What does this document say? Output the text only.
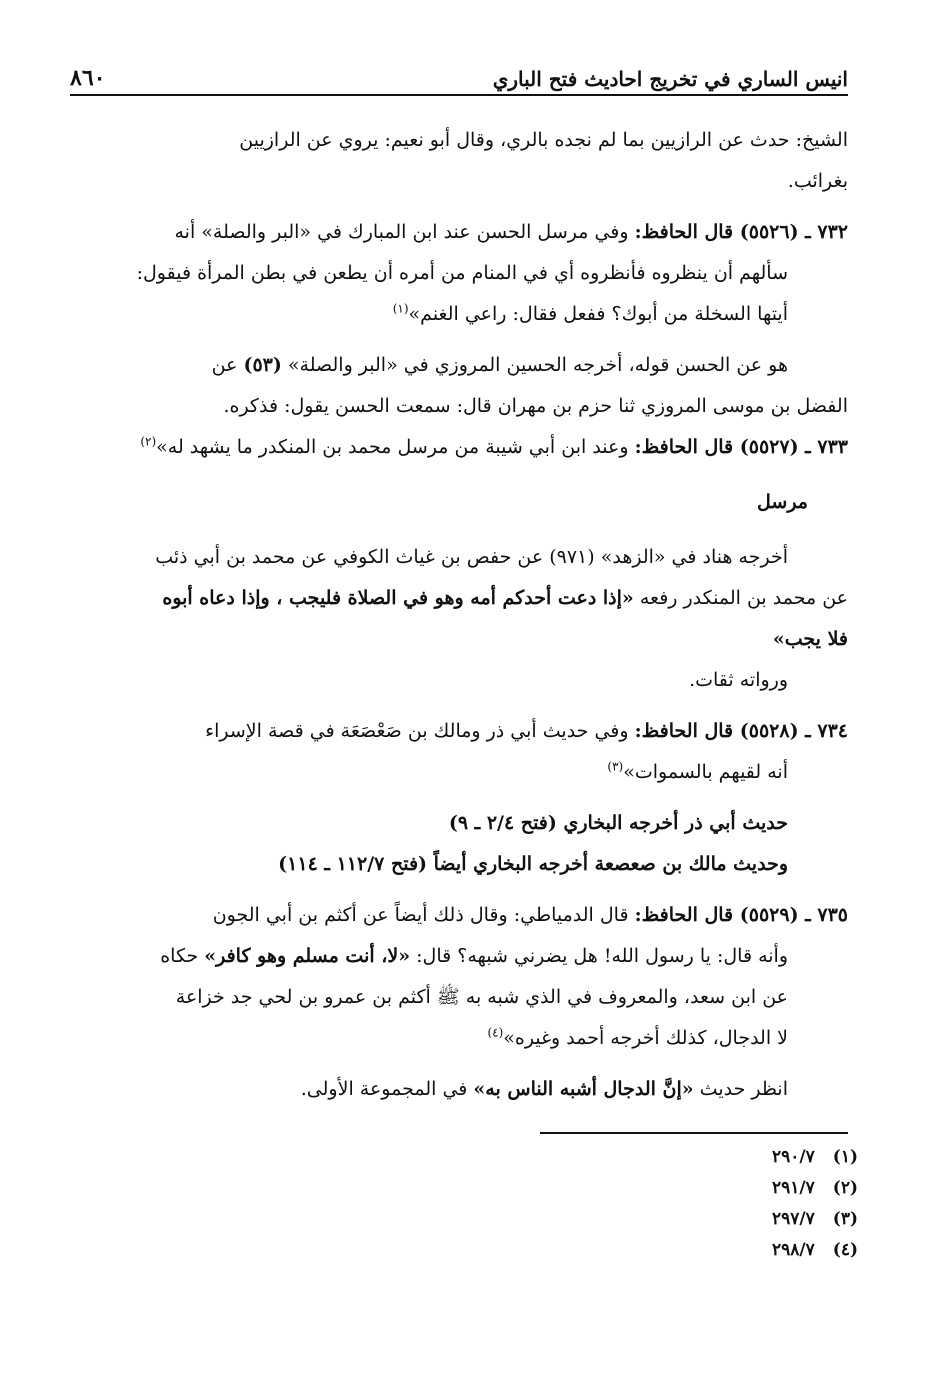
انيس الساري في تخريج احاديث فتح الباري
٨٦٠

الشيخ: حدث عن الرازيين بما لم نجده بالري، وقال أبو نعيم: يروي عن الرازيين

بغرائب.

٧٣٢ ـ (٥٥٢٦) قال الحافظ: وفي مرسل الحسن عند ابن المبارك في «البر والصلة» أنه

سألهم أن ينظروه فأنظروه أي في المنام من أمره أن يطعن في بطن المرأة فيقول:

أيتها السخلة من أبوك؟ ففعل فقال: راعي الغنم»$^{(١)}$

هو عن الحسن قوله، أخرجه الحسين المروزي في «البر والصلة» (٥٣) عن

الفضل بن موسى المروزي ثنا حزم بن مهران قال: سمعت الحسن يقول: فذكره.

٧٣٣ ـ (٥٥٢٧) قال الحافظ: وعند ابن أبي شيبة من مرسل محمد بن المنكدر ما يشهد له»$^{(٢)}$

مرسل

أخرجه هناد في «الزهد» (٩٧١) عن حفص بن غياث الكوفي عن محمد بن أبي ذئب

عن محمد بن المنكدر رفعه «إذا دعت أحدكم أمه وهو في الصلاة فليجب ، وإذا دعاه أبوه

فلا يجب»

ورواته ثقات.

٧٣٤ ـ (٥٥٢٨) قال الحافظ: وفي حديث أبي ذر ومالك بن صَعْصَعَة في قصة الإسراء

أنه لقيهم بالسموات»$^{(٣)}$

حديث أبي ذر أخرجه البخاري (فتح ٢/٤ ـ ٩)

وحديث مالك بن صعصعة أخرجه البخاري أيضاً (فتح ١١٢/٧ ـ ١١٤)

٧٣٥ ـ (٥٥٢٩) قال الحافظ: قال الدمياطي: وقال ذلك أيضاً عن أكثم بن أبي الجون

وأنه قال: يا رسول الله! هل يضرني شبهه؟ قال: «لا، أنت مسلم وهو كافر» حكاه

عن ابن سعد، والمعروف في الذي شبه به ﷺ أكثم بن عمرو بن لحي جد خزاعة

لا الدجال، كذلك أخرجه أحمد وغيره»$^{(٤)}$

انظر حديث «إنَّ الدجال أشبه الناس به» في المجموعة الأولى.

(١)
٢٩٠/٧
(٢)
٢٩١/٧
(٣)
٢٩٧/٧
(٤)
٢٩٨/٧
